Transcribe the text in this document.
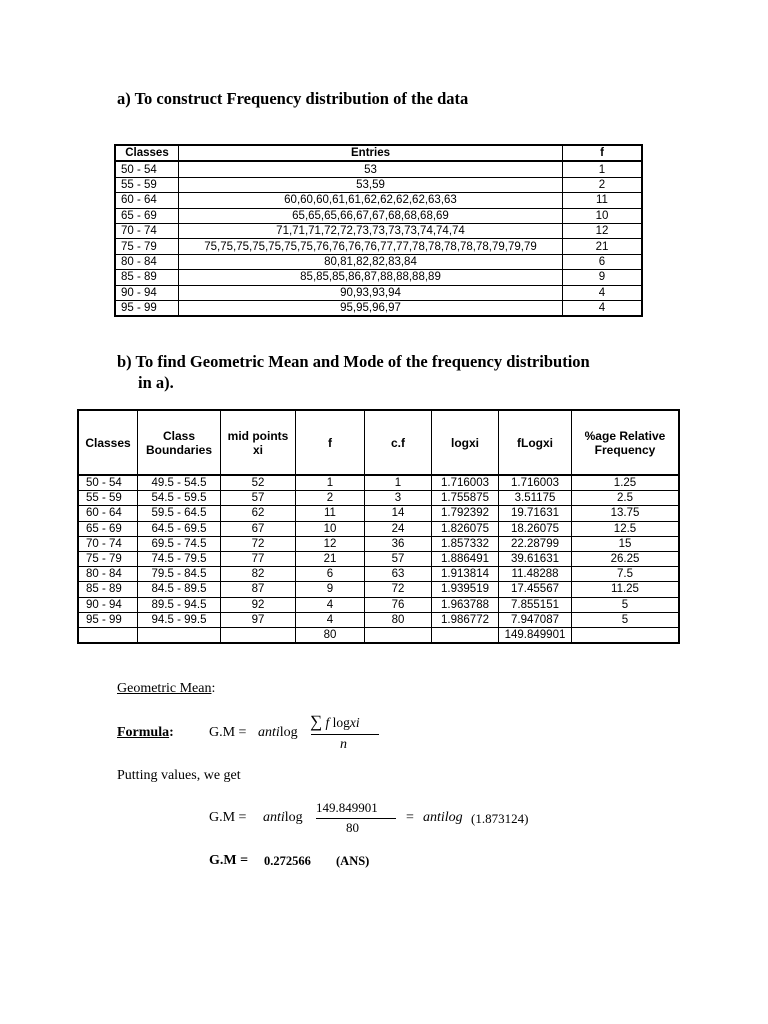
a) To construct Frequency distribution of the data
Classes	Entries	f
50 - 54	53	1
55 - 59	53,59	2
60 - 64	60,60,60,61,61,62,62,62,62,63,63	11
65 - 69	65,65,65,66,67,67,68,68,68,69	10
70 - 74	71,71,71,72,72,73,73,73,73,74,74,74	12
75 - 79	75,75,75,75,75,75,75,76,76,76,76,77,77,78,78,78,78,78,79,79,79	21
80 - 84	80,81,82,82,83,84	6
85 - 89	85,85,85,86,87,88,88,88,89	9
90 - 94	90,93,93,94	4
95 - 99	95,95,96,97	4
b) To find Geometric Mean and Mode of the frequency distribution
in a).
Classes	Class Boundaries	mid points xi	f	c.f	logxi	fLogxi	%age Relative Frequency
50 - 54	49.5 - 54.5	52	1	1	1.716003	1.716003	1.25
55 - 59	54.5 - 59.5	57	2	3	1.755875	3.51175	2.5
60 - 64	59.5 - 64.5	62	11	14	1.792392	19.71631	13.75
65 - 69	64.5 - 69.5	67	10	24	1.826075	18.26075	12.5
70 - 74	69.5 - 74.5	72	12	36	1.857332	22.28799	15
75 - 79	74.5 - 79.5	77	21	57	1.886491	39.61631	26.25
80 - 84	79.5 - 84.5	82	6	63	1.913814	11.48288	7.5
85 - 89	84.5 - 89.5	87	9	72	1.939519	17.45567	11.25
90 - 94	89.5 - 94.5	92	4	76	1.963788	7.855151	5
95 - 99	94.5 - 99.5	97	4	80	1.986772	7.947087	5
			80			149.849901	
Geometric Mean:
Formula:	G.M = antilog
∑ f logxi
n
Putting values, we get
G.M = antilog
149.849901
80
= antilog (1.873124)
G.M = 0.272566 (ANS)
